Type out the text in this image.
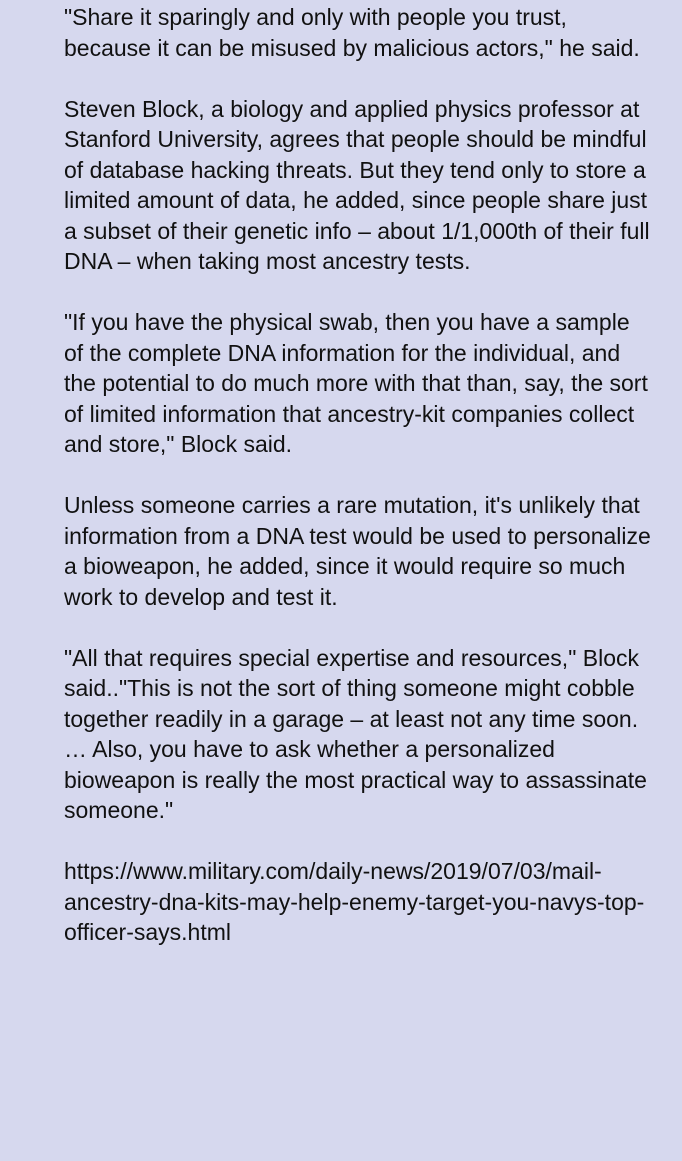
"Share it sparingly and only with people you trust, because it can be misused by malicious actors," he said.

Steven Block, a biology and applied physics professor at Stanford University, agrees that people should be mindful of database hacking threats. But they tend only to store a limited amount of data, he added, since people share just a subset of their genetic info – about 1/1,000th of their full DNA – when taking most ancestry tests.

"If you have the physical swab, then you have a sample of the complete DNA information for the individual, and the potential to do much more with that than, say, the sort of limited information that ancestry-kit companies collect and store," Block said.

Unless someone carries a rare mutation, it's unlikely that information from a DNA test would be used to personalize a bioweapon, he added, since it would require so much work to develop and test it.

"All that requires special expertise and resources," Block said.."This is not the sort of thing someone might cobble together readily in a garage – at least not any time soon. … Also, you have to ask whether a personalized bioweapon is really the most practical way to assassinate someone."

https://www.military.com/daily-news/2019/07/03/mail-ancestry-dna-kits-may-help-enemy-target-you-navys-top-officer-says.html
